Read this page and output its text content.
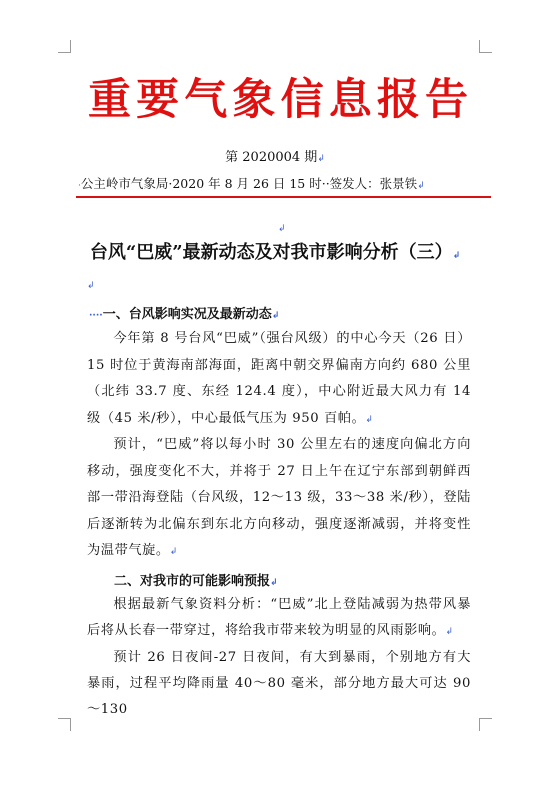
重 要 气 象 信 息 报 告
第 2020004 期↲
·公主岭市气象局·2020 年 8 月 26 日 15 时··签发人：张景铁↲
↲
台风“巴威”最新动态及对我市影响分析（三）↲
↲
····一、台风影响实况及最新动态↲
今年第 8 号台风“巴威”（强台风级）的中心今天（26 日）15 时位于黄海南部海面，距离中朝交界偏南方向约 680 公里（北纬 33.7 度、东经 124.4 度），中心附近最大风力有 14 级（45 米/秒），中心最低气压为 950 百帕。↲
预计，“巴威”将以每小时 30 公里左右的速度向偏北方向移动，强度变化不大，并将于 27 日上午在辽宁东部到朝鲜西部一带沿海登陆（台风级，12～13 级，33～38 米/秒），登陆后逐渐转为北偏东到东北方向移动，强度逐渐减弱，并将变性为温带气旋。↲
二、对我市的可能影响预报↲
根据最新气象资料分析：“巴威”北上登陆减弱为热带风暴后将从长春一带穿过，将给我市带来较为明显的风雨影响。↲
预计 26 日夜间-27 日夜间，有大到暴雨，个别地方有大暴雨，过程平均降雨量 40～80 毫米，部分地方最大可达 90～130
